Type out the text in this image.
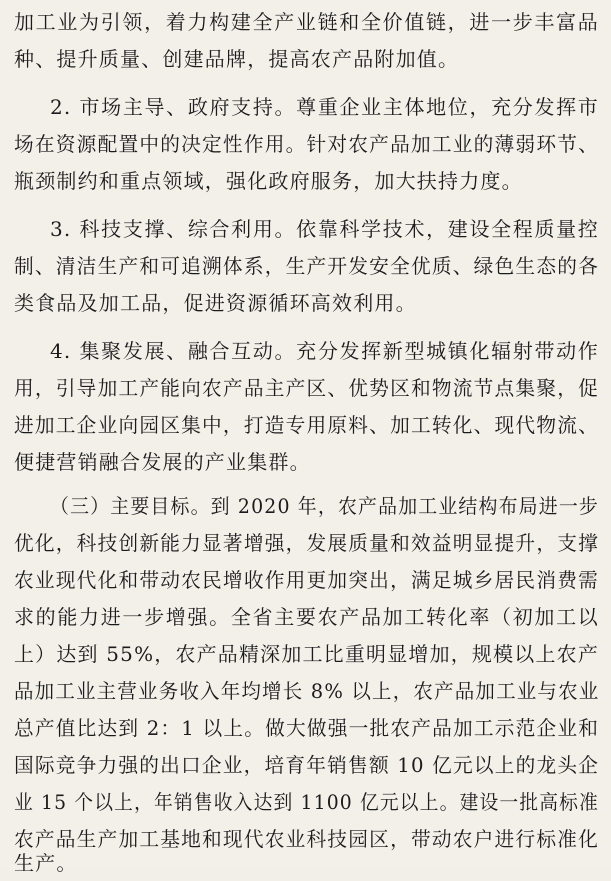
加工业为引领，着力构建全产业链和全价值链，进一步丰富品
种、提升质量、创建品牌，提高农产品附加值。
2. 市场主导、政府支持。尊重企业主体地位，充分发挥市
场在资源配置中的决定性作用。针对农产品加工业的薄弱环节、
瓶颈制约和重点领域，强化政府服务，加大扶持力度。
3. 科技支撑、综合利用。依靠科学技术，建设全程质量控
制、清洁生产和可追溯体系，生产开发安全优质、绿色生态的各
类食品及加工品，促进资源循环高效利用。
4. 集聚发展、融合互动。充分发挥新型城镇化辐射带动作
用，引导加工产能向农产品主产区、优势区和物流节点集聚，促
进加工企业向园区集中，打造专用原料、加工转化、现代物流、
便捷营销融合发展的产业集群。
（三）主要目标。到 2020 年，农产品加工业结构布局进一步
优化，科技创新能力显著增强，发展质量和效益明显提升，支撑
农业现代化和带动农民增收作用更加突出，满足城乡居民消费需
求的能力进一步增强。全省主要农产品加工转化率（初加工以
上）达到 55%，农产品精深加工比重明显增加，规模以上农产
品加工业主营业务收入年均增长 8% 以上，农产品加工业与农业
总产值比达到 2：1 以上。做大做强一批农产品加工示范企业和
国际竞争力强的出口企业，培育年销售额 10 亿元以上的龙头企
业 15 个以上，年销售收入达到 1100 亿元以上。建设一批高标准
农产品生产加工基地和现代农业科技园区，带动农户进行标准化
生产。
